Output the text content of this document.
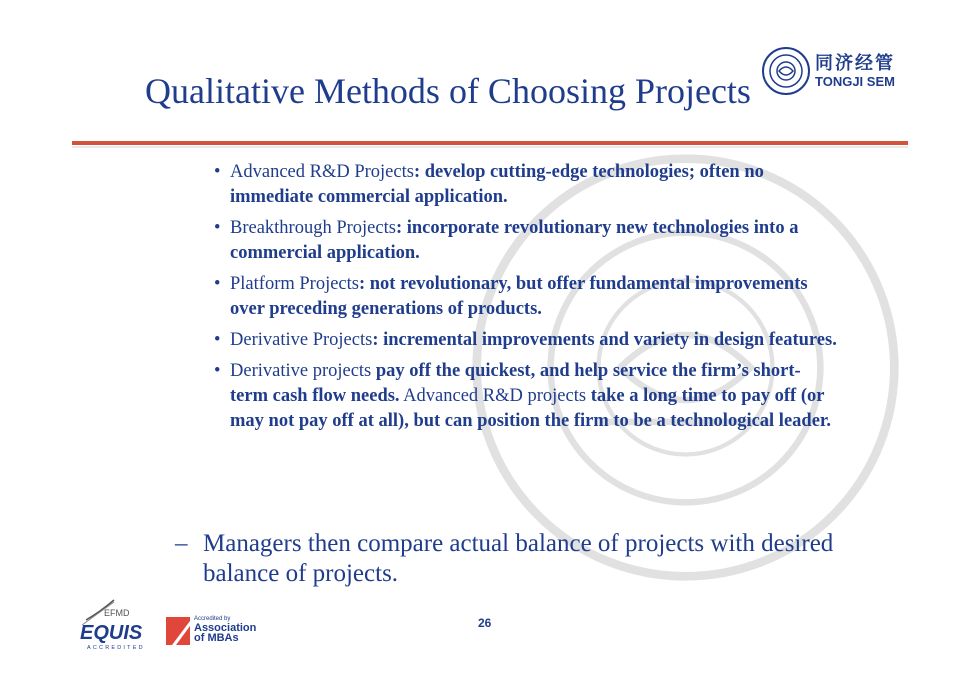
Qualitative Methods of Choosing Projects
同济经管
TONGJI SEM
• Advanced R&D Projects: develop cutting-edge technologies; often no immediate commercial application.
• Breakthrough Projects: incorporate revolutionary new technologies into a commercial application.
• Platform Projects: not revolutionary, but offer fundamental improvements over preceding generations of products.
• Derivative Projects: incremental improvements and variety in design features.
• Derivative projects pay off the quickest, and help service the firm’s short-term cash flow needs. Advanced R&D projects take a long time to pay off (or may not pay off at all), but can position the firm to be a technological leader.
– Managers then compare actual balance of projects with desired balance of projects.
26
EFMD
EQUIS
ACCREDITED
Accredited by
Association
of MBAs
